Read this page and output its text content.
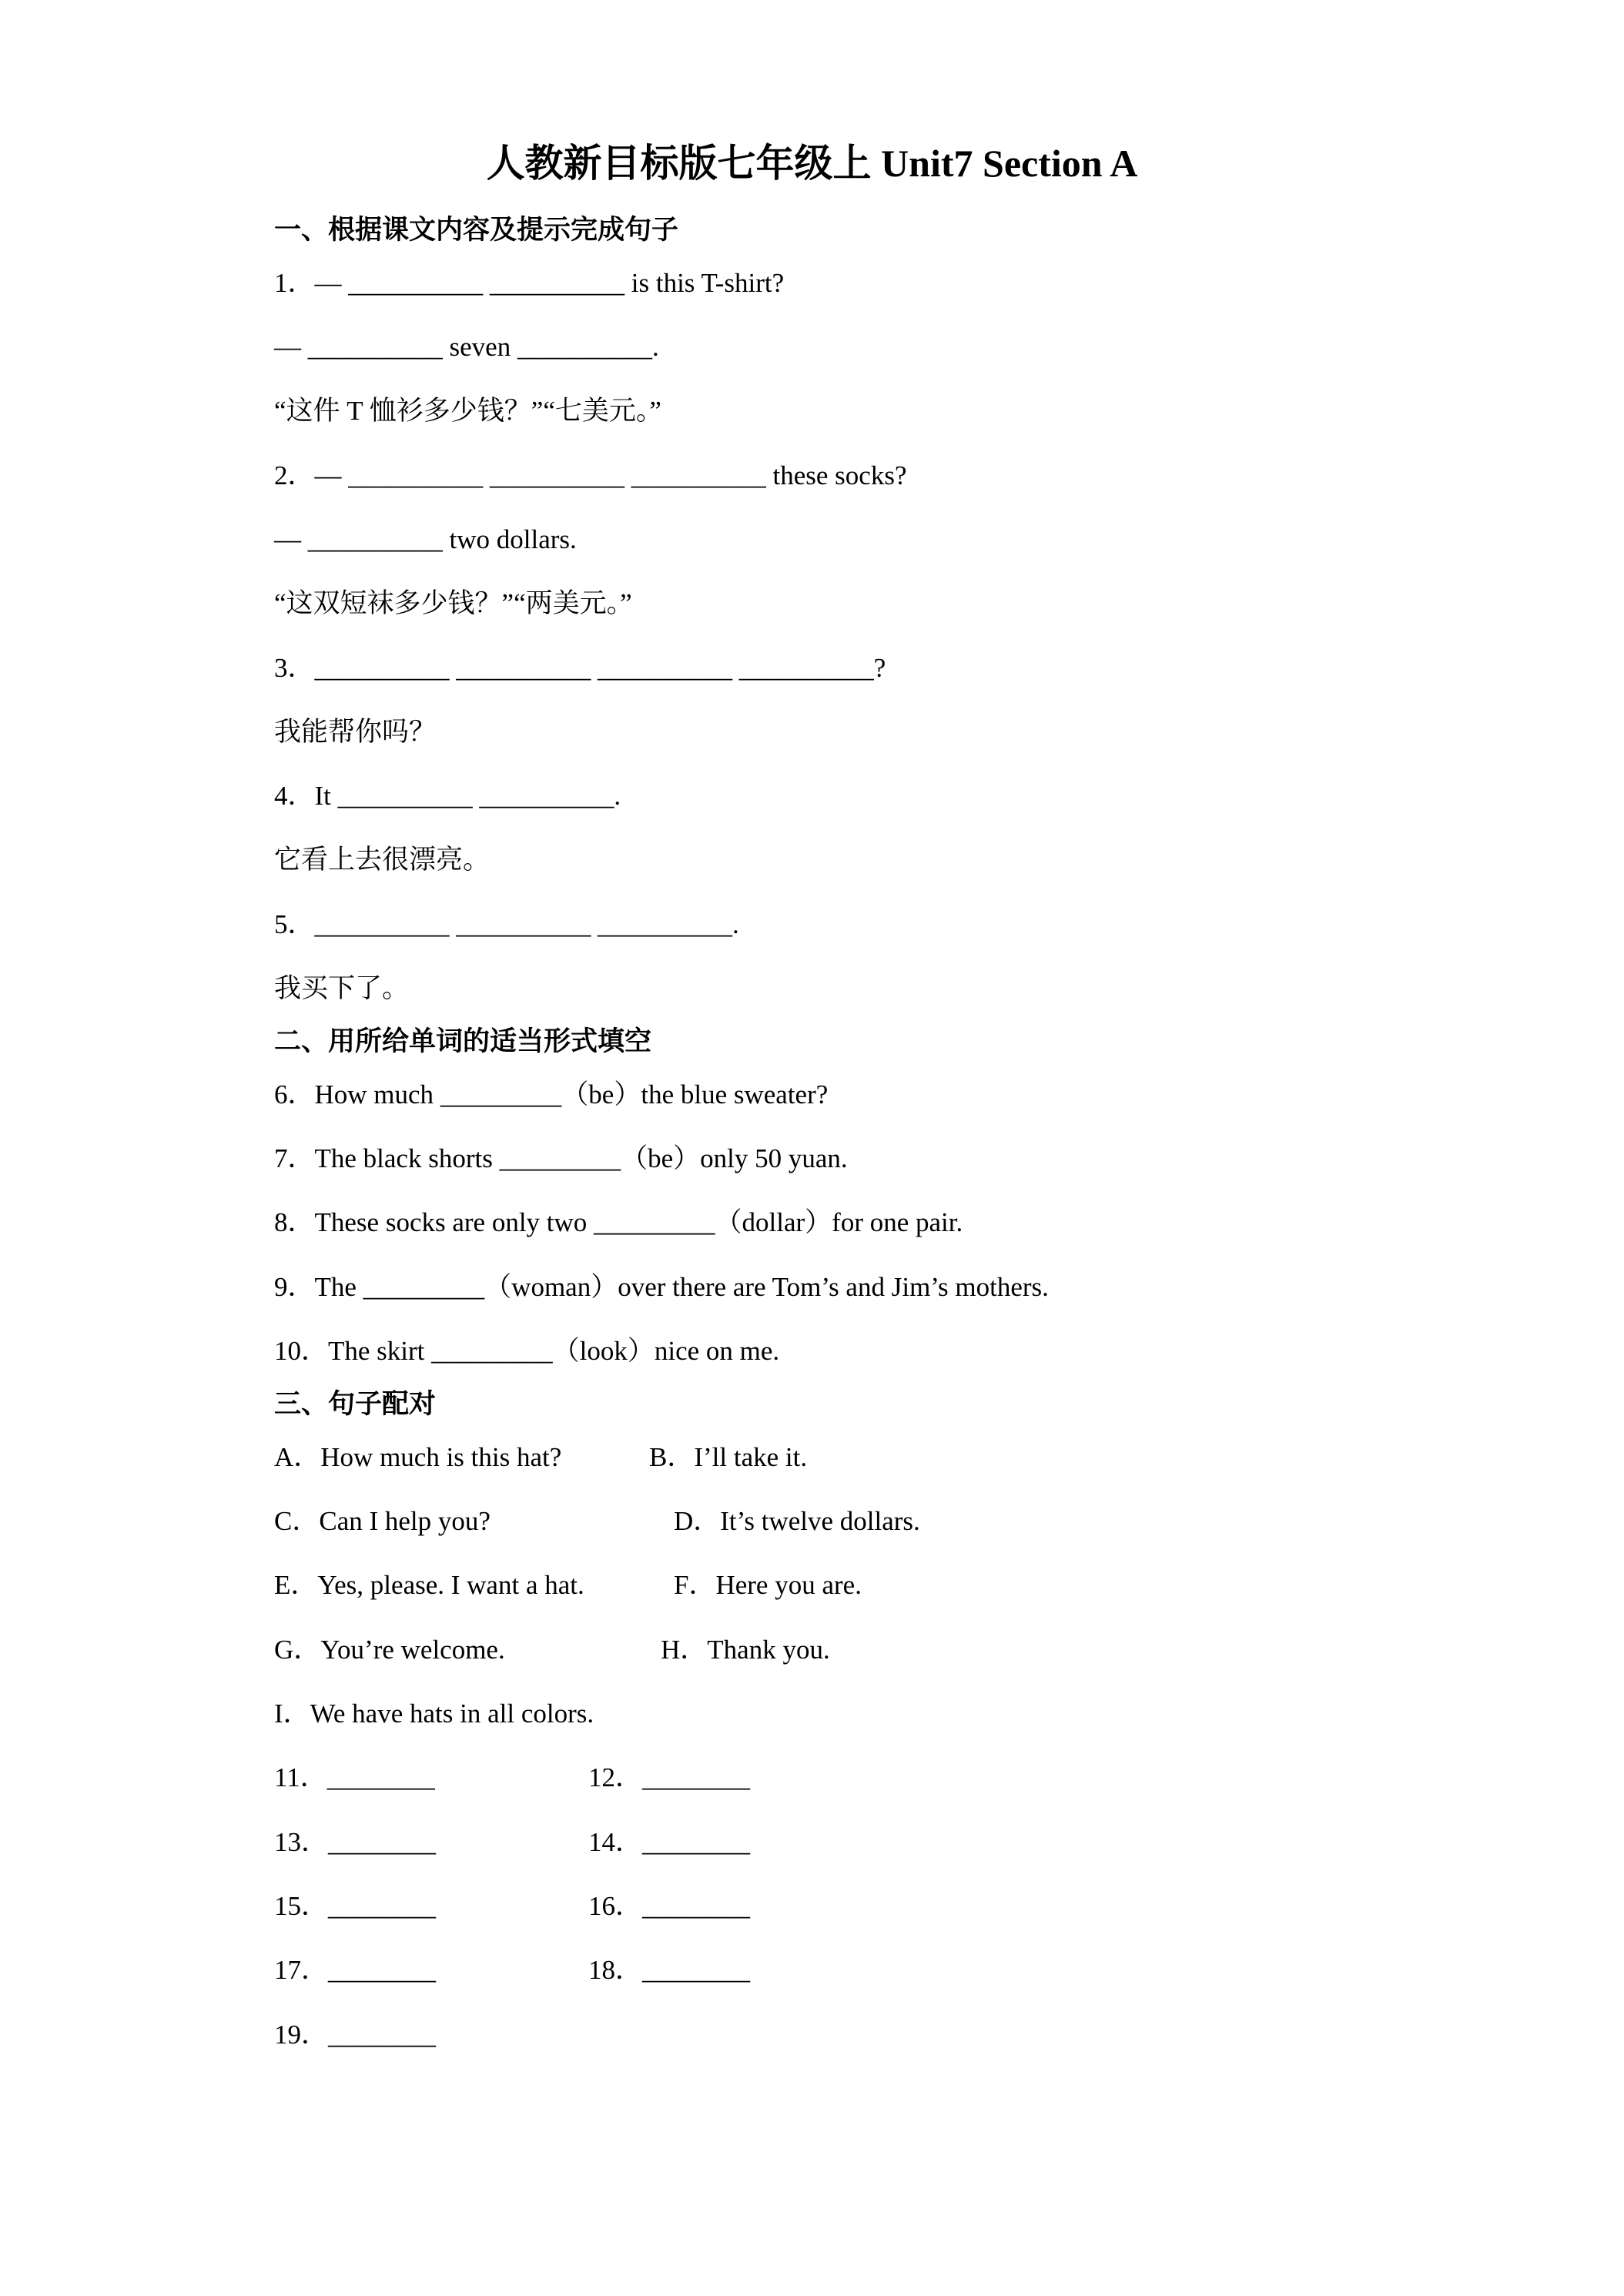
人教新目标版七年级上 Unit7 Section A
一、根据课文内容及提示完成句子
1．— __________ __________ is this T-shirt?
— __________ seven __________.
“这件 T 恤衫多少钱？”“七美元。”
2．— __________ __________ __________ these socks?
— __________ two dollars.
“这双短袜多少钱？”“两美元。”
3．__________ __________ __________ __________?
我能帮你吗？
4．It __________ __________.
它看上去很漂亮。
5．__________ __________ __________.
我买下了。
二、用所给单词的适当形式填空
6．How much _________（be）the blue sweater?
7．The black shorts _________（be）only 50 yuan.
8．These socks are only two _________（dollar）for one pair.
9．The _________（woman）over there are Tom’s and Jim’s mothers.
10．The skirt _________（look）nice on me.
三、句子配对
A．How much is this hat?	B．I’ll take it.
C．Can I help you?	D．It’s twelve dollars.
E．Yes, please. I want a hat.	F．Here you are.
G．You’re welcome.	H．Thank you.
I．We have hats in all colors.
11．________	12．________
13．________	14．________
15．________	16．________
17．________	18．________
19．________
